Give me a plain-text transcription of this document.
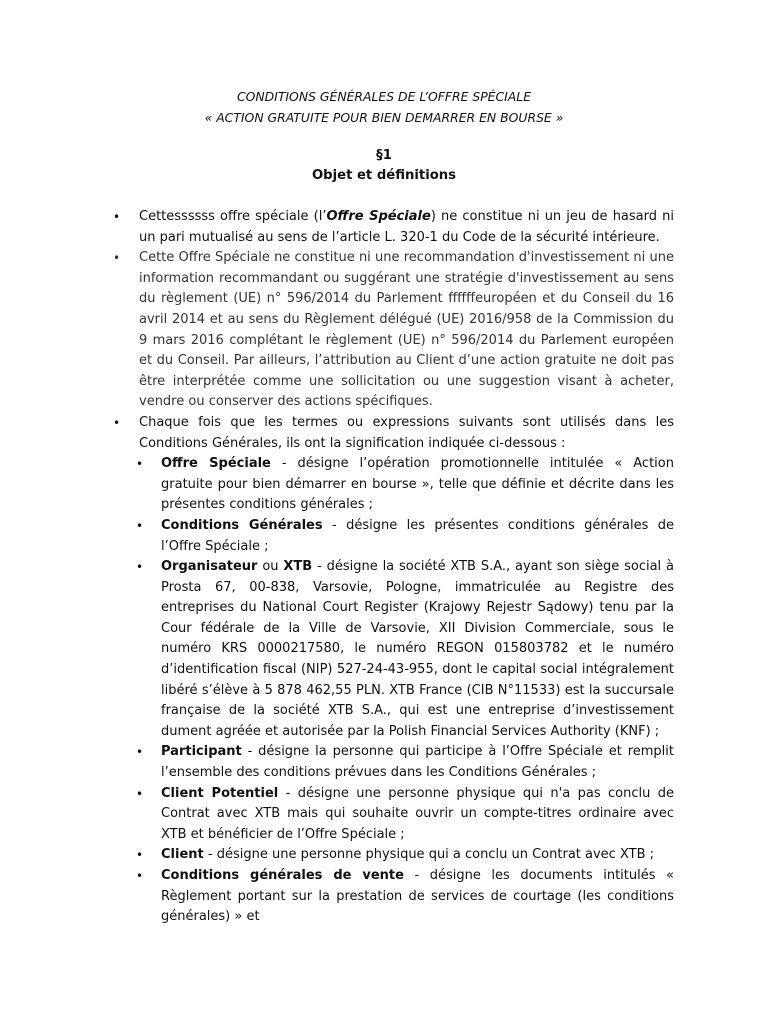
CONDITIONS GÉNÉRALES DE L’OFFRE SPÉCIALE
« ACTION GRATUITE POUR BIEN DEMARRER EN BOURSE »
§1
Objet et définitions
• Cettessssss offre spéciale (l’Offre Spéciale) ne constitue ni un jeu de hasard ni un pari mutualisé au sens de l’article L. 320-1 du Code de la sécurité intérieure.
• Cette Offre Spéciale ne constitue ni une recommandation d'investissement ni une information recommandant ou suggérant une stratégie d'investissement au sens du règlement (UE) n° 596/2014 du Parlement ffffffeuropéen et du Conseil du 16 avril 2014 et au sens du Règlement délégué (UE) 2016/958 de la Commission du 9 mars 2016 complétant le règlement (UE) n° 596/2014 du Parlement européen et du Conseil. Par ailleurs, l’attribution au Client d’une action gratuite ne doit pas être interprétée comme une sollicitation ou une suggestion visant à acheter, vendre ou conserver des actions spécifiques.
• Chaque fois que les termes ou expressions suivants sont utilisés dans les Conditions Générales, ils ont la signification indiquée ci-dessous :
• Offre Spéciale - désigne l’opération promotionnelle intitulée « Action gratuite pour bien démarrer en bourse », telle que définie et décrite dans les présentes conditions générales ;
• Conditions Générales - désigne les présentes conditions générales de l’Offre Spéciale ;
• Organisateur ou XTB - désigne la société XTB S.A., ayant son siège social à Prosta 67, 00-838, Varsovie, Pologne, immatriculée au Registre des entreprises du National Court Register (Krajowy Rejestr Sądowy) tenu par la Cour fédérale de la Ville de Varsovie, XII Division Commerciale, sous le numéro KRS 0000217580, le numéro REGON 015803782 et le numéro d’identification fiscal (NIP) 527-24-43-955, dont le capital social intégralement libéré s’élève à 5 878 462,55 PLN. XTB France (CIB N°11533) est la succursale française de la société XTB S.A., qui est une entreprise d’investissement dument agréée et autorisée par la Polish Financial Services Authority (KNF) ;
• Participant - désigne la personne qui participe à l’Offre Spéciale et remplit l’ensemble des conditions prévues dans les Conditions Générales ;
• Client Potentiel - désigne une personne physique qui n'a pas conclu de Contrat avec XTB mais qui souhaite ouvrir un compte-titres ordinaire avec XTB et bénéficier de l’Offre Spéciale ;
• Client - désigne une personne physique qui a conclu un Contrat avec XTB ;
• Conditions générales de vente - désigne les documents intitulés « Règlement portant sur la prestation de services de courtage (les conditions générales) » et
